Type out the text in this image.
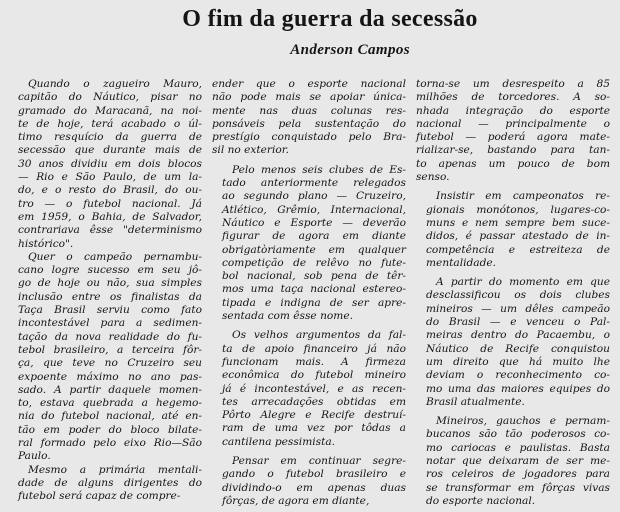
O fim da guerra da secessão
Anderson Campos

Quando o zagueiro Mauro,
capitão do Náutico, pisar no
gramado do Maracanã, na noi-
te de hoje, terá acabado o úl-
timo resquício da guerra de
secessão que durante mais de
30 anos dividiu em dois blocos
— Rio e São Paulo, de um la-
do, e o resto do Brasil, do ou-
tro — o futebol nacional. Já
em 1959, o Bahia, de Salvador,
contrariava êsse "determinismo
histórico".

Quer o campeão pernambu-
cano logre sucesso em seu jô-
go de hoje ou não, sua simples
inclusão entre os finalistas da
Taça Brasil serviu como fato
incontestável para a sedimen-
tação da nova realidade do fu-
tebol brasileiro, a terceira fôr-
ça, que teve no Cruzeiro seu
expoente máximo no ano pas-
sado. A partir daquele momen-
to, estava quebrada a hegemo-
nia do futebol nacional, até en-
tão em poder do bloco bilate-
ral formado pelo eixo Rio—São
Paulo.

Mesmo a primária mentali-
dade de alguns dirigentes do
futebol será capaz de compre-

ender que o esporte nacional
não pode mais se apoiar única-
mente nas duas colunas res-
ponsáveis pela sustentação do
prestígio conquistado pelo Bra-
sil no exterior.

Pelo menos seis clubes de Es-
tado anteriormente relegados
ao segundo plano — Cruzeiro,
Atlético, Grêmio, Internacional,
Náutico e Esporte — deverão
figurar de agora em diante
obrigatòriamente em qualquer
competição de relêvo no fute-
bol nacional, sob pena de têr-
mos uma taça nacional estereo-
tipada e indigna de ser apre-
sentada com êsse nome.

Os velhos argumentos da fal-
ta de apoio financeiro já não
funcionam mais. A firmeza
econômica do futebol mineiro
já é incontestável, e as recen-
tes arrecadações obtidas em
Pôrto Alegre e Recife destruí-
ram de uma vez por tôdas a
cantilena pessimista.

Pensar em continuar segre-
gando o futebol brasileiro e
dividindo-o em apenas duas
fôrças, de agora em diante,

torna-se um desrespeito a 85
milhões de torcedores. A so-
nhada integração do esporte
nacional — principalmente o
futebol — poderá agora mate-
rializar-se, bastando para tan-
to apenas um pouco de bom
senso.

Insistir em campeonatos re-
gionais monótonos, lugares-co-
muns e nem sempre bem suce-
didos, é passar atestado de in-
competência e estreiteza de
mentalidade.

A partir do momento em que
desclassificou os dois clubes
mineiros — um dêles campeão
do Brasil — e venceu o Pal-
meiras dentro do Pacaembu, o
Náutico de Recife conquistou
um direito que há muito lhe
deviam o reconhecimento co-
mo uma das maiores equipes do
Brasil atualmente.

Mineiros, gauchos e pernam-
bucanos são tão poderosos co-
mo cariocas e paulistas. Basta
notar que deixaram de ser me-
ros celeiros de jogadores para
se transformar em fôrças vivas
do esporte nacional.
